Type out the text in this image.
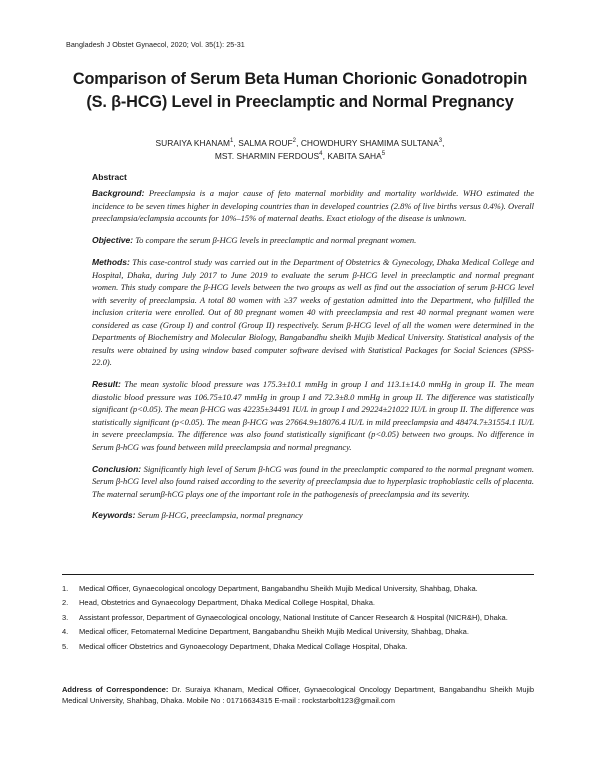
Bangladesh J Obstet Gynaecol, 2020; Vol. 35(1): 25-31
Comparison of Serum Beta Human Chorionic Gonadotropin (S. β-HCG) Level in Preeclamptic and Normal Pregnancy
SURAIYA KHANAM$^1$, SALMA ROUF$^2$, CHOWDHURY SHAMIMA SULTANA$^3$,
MST. SHARMIN FERDOUS$^4$, KABITA SAHA$^5$
Abstract

Background: Preeclampsia is a major cause of feto maternal morbidity and mortality worldwide. WHO estimated the incidence to be seven times higher in developing countries than in developed countries (2.8% of live births versus 0.4%). Overall preeclampsia/eclampsia accounts for 10%–15% of maternal deaths. Exact etiology of the disease is unknown.

Objective: To compare the serum β-HCG levels in preeclamptic and normal pregnant women.

Methods: This case-control study was carried out in the Department of Obstetrics & Gynecology, Dhaka Medical College and Hospital, Dhaka, during July 2017 to June 2019 to evaluate the serum β-HCG level in preeclamptic and normal pregnant women. This study compare the β-HCG levels between the two groups as well as find out the association of serum β-HCG level with severity of preeclampsia. A total 80 women with ≥37 weeks of gestation admitted into the Department, who fulfilled the inclusion criteria were enrolled. Out of 80 pregnant women 40 with preeclampsia and rest 40 normal pregnant women were considered as case (Group I) and control (Group II) respectively. Serum β-HCG level of all the women were determined in the Departments of Biochemistry and Molecular Biology, Bangabandhu sheikh Mujib Medical University. Statistical analysis of the results were obtained by using window based computer software devised with Statistical Packages for Social Sciences (SPSS-22.0).

Result: The mean systolic blood pressure was 175.3±10.1 mmHg in group I and 113.1±14.0 mmHg in group II. The mean diastolic blood pressure was 106.75±10.47 mmHg in group I and 72.3±8.0 mmHg in group II. The difference was statistically significant (p<0.05). The mean β-HCG was 42235±34491 IU/L in group I and 29224±21022 IU/L in group II. The difference was statistically significant (p<0.05). The mean β-HCG was 27664.9±18076.4 IU/L in mild preeclampsia and 48474.7±31554.1 IU/L in severe preeclampsia. The difference was also found statistically significant (p<0.05) between two groups. No difference in Serum β-hCG was found between mild preeclampsia and normal pregnancy.

Conclusion: Significantly high level of Serum β-hCG was found in the preeclamptic compared to the normal pregnant women. Serum β-hCG level also found raised according to the severity of preeclampsia due to hyperplasic trophoblastic cells of placenta. The maternal serumβ-hCG plays one of the important role in the pathogenesis of preeclampsia and its severity.

Keywords: Serum β-HCG, preeclampsia, normal pregnancy

1.	Medical Officer, Gynaecological oncology Department, Bangabandhu Sheikh Mujib Medical University, Shahbag, Dhaka.
2.	Head, Obstetrics and Gynaecology Department, Dhaka Medical College Hospital, Dhaka.
3.	Assistant professor, Department of Gynaecological oncology, National Institute of Cancer Research & Hospital (NICR&H), Dhaka.
4.	Medical officer, Fetomaternal Medicine Department, Bangabandhu Sheikh Mujib Medical University, Shahbag, Dhaka.
5.	Medical officer Obstetrics and Gynoaecology Department, Dhaka Medical Collage Hospital, Dhaka.
Address of Correspondence: Dr. Suraiya Khanam, Medical Officer, Gynaecological Oncology Department, Bangabandhu Sheikh Mujib Medical University, Shahbag, Dhaka. Mobile No : 01716634315 E-mail : rockstarbolt123@gmail.com
